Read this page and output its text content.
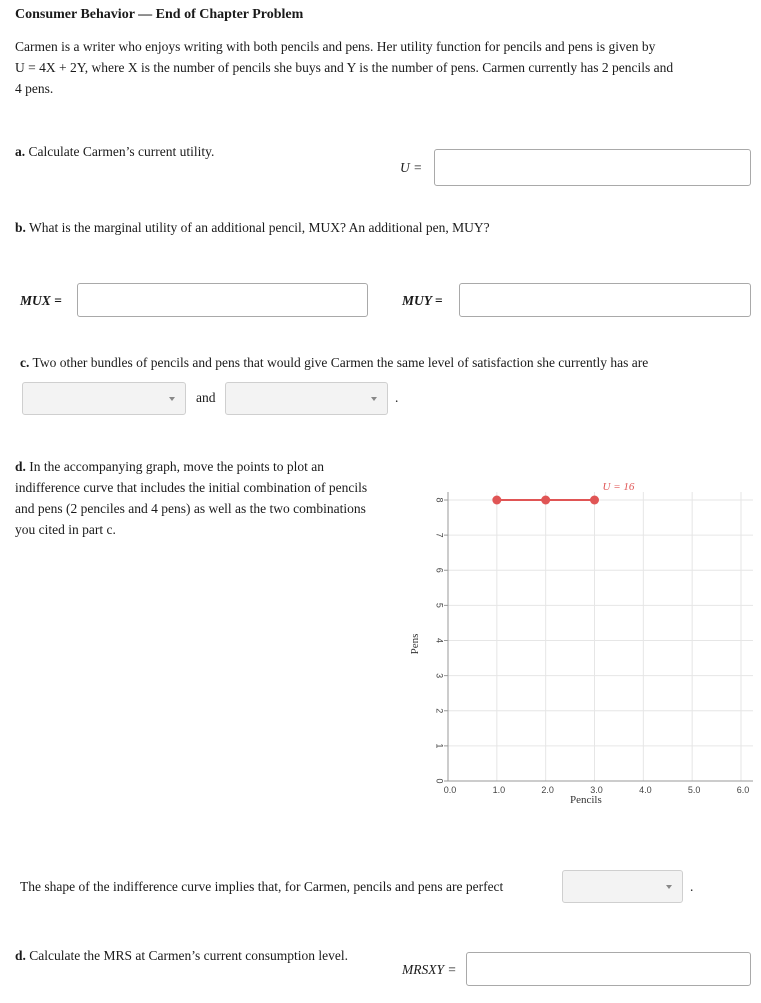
Consumer Behavior — End of Chapter Problem
Carmen is a writer who enjoys writing with both pencils and pens. Her utility function for pencils and pens is given by
U = 4X + 2Y, where X is the number of pencils she buys and Y is the number of pens. Carmen currently has 2 pencils and
4 pens.
a. Calculate Carmen’s current utility.
U =
b. What is the marginal utility of an additional pencil, MUX? An additional pen, MUY?
MUX =	MUY =
c. Two other bundles of pencils and pens that would give Carmen the same level of satisfaction she currently has are
and	.
d. In the accompanying graph, move the points to plot an indifference curve that includes the initial combination of pencils and pens (2 penciles and 4 pens) as well as the two combinations you cited in part c.
0
1
2
3
4
5
6
7
8
0.0	1.0	2.0	3.0	4.0	5.0	6.0
Pencils
Pens
U = 16
The shape of the indifference curve implies that, for Carmen, pencils and pens are perfect	.
d. Calculate the MRS at Carmen’s current consumption level.
MRSXY =
